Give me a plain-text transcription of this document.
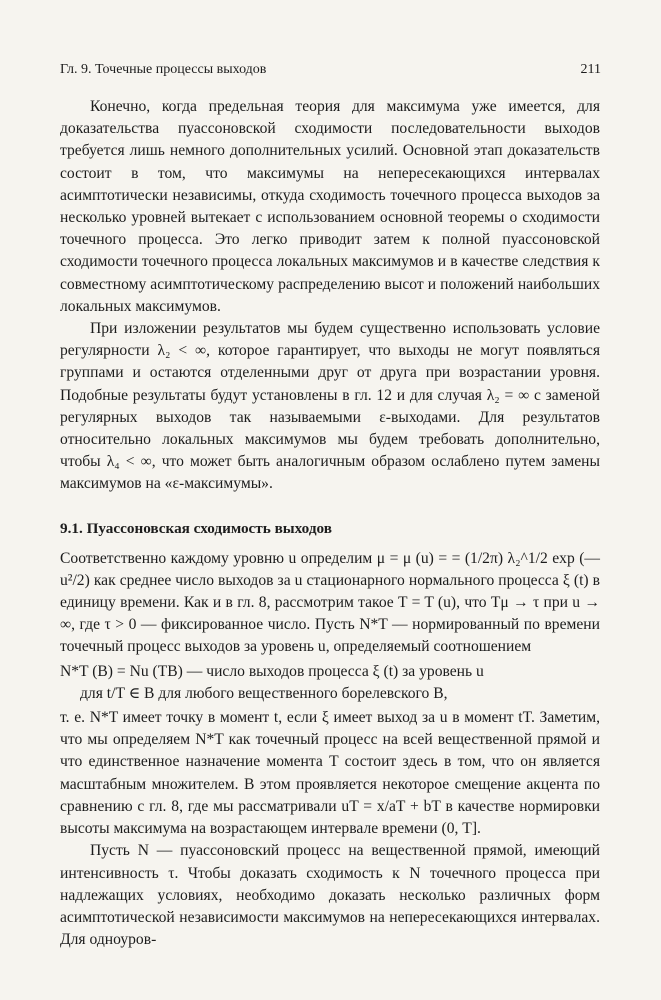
Гл. 9. Точечные процессы выходов	211

Конечно, когда предельная теория для максимума уже имеется, для доказательства пуассоновской сходимости последовательности выходов требуется лишь немного дополнительных усилий. Основной этап доказательств состоит в том, что максимумы на непересекающихся интервалах асимптотически независимы, откуда сходимость точечного процесса выходов за несколько уровней вытекает с использованием основной теоремы о сходимости точечного процесса. Это легко приводит затем к полной пуассоновской сходимости точечного процесса локальных максимумов и в качестве следствия к совместному асимптотическому распределению высот и положений наибольших локальных максимумов.

При изложении результатов мы будем существенно использовать условие регулярности λ₂ < ∞, которое гарантирует, что выходы не могут появляться группами и остаются отделенными друг от друга при возрастании уровня. Подобные результаты будут установлены в гл. 12 и для случая λ₂ = ∞ с заменой регулярных выходов так называемыми ε-выходами. Для результатов относительно локальных максимумов мы будем требовать дополнительно, чтобы λ₄ < ∞, что может быть аналогичным образом ослаблено путем замены максимумов на «ε-максимумы».

9.1. Пуассоновская сходимость выходов

Соответственно каждому уровню u определим μ = μ (u) = = (1/2π) λ₂^1/2 exp (—u²/2) как среднее число выходов за u стационарного нормального процесса ξ (t) в единицу времени. Как и в гл. 8, рассмотрим такое T = T (u), что Tμ → τ при u → ∞, где τ > 0 — фиксированное число. Пусть N*T — нормированный по времени точечный процесс выходов за уровень u, определяемый соотношением

N*T (B) = Nu (TB) — число выходов процесса ξ (t) за уровень u
для t/T ∈ B для любого вещественного борелевского B,

т. е. N*T имеет точку в момент t, если ξ имеет выход за u в момент tT. Заметим, что мы определяем N*T как точечный процесс на всей вещественной прямой и что единственное назначение момента T состоит здесь в том, что он является масштабным множителем. В этом проявляется некоторое смещение акцента по сравнению с гл. 8, где мы рассматривали uT = x/aT + bT в качестве нормировки высоты максимума на возрастающем интервале времени (0, T].

Пусть N — пуассоновский процесс на вещественной прямой, имеющий интенсивность τ. Чтобы доказать сходимость к N точечного процесса при надлежащих условиях, необходимо доказать несколько различных форм асимптотической независимости максимумов на непересекающихся интервалах. Для одноуров-
